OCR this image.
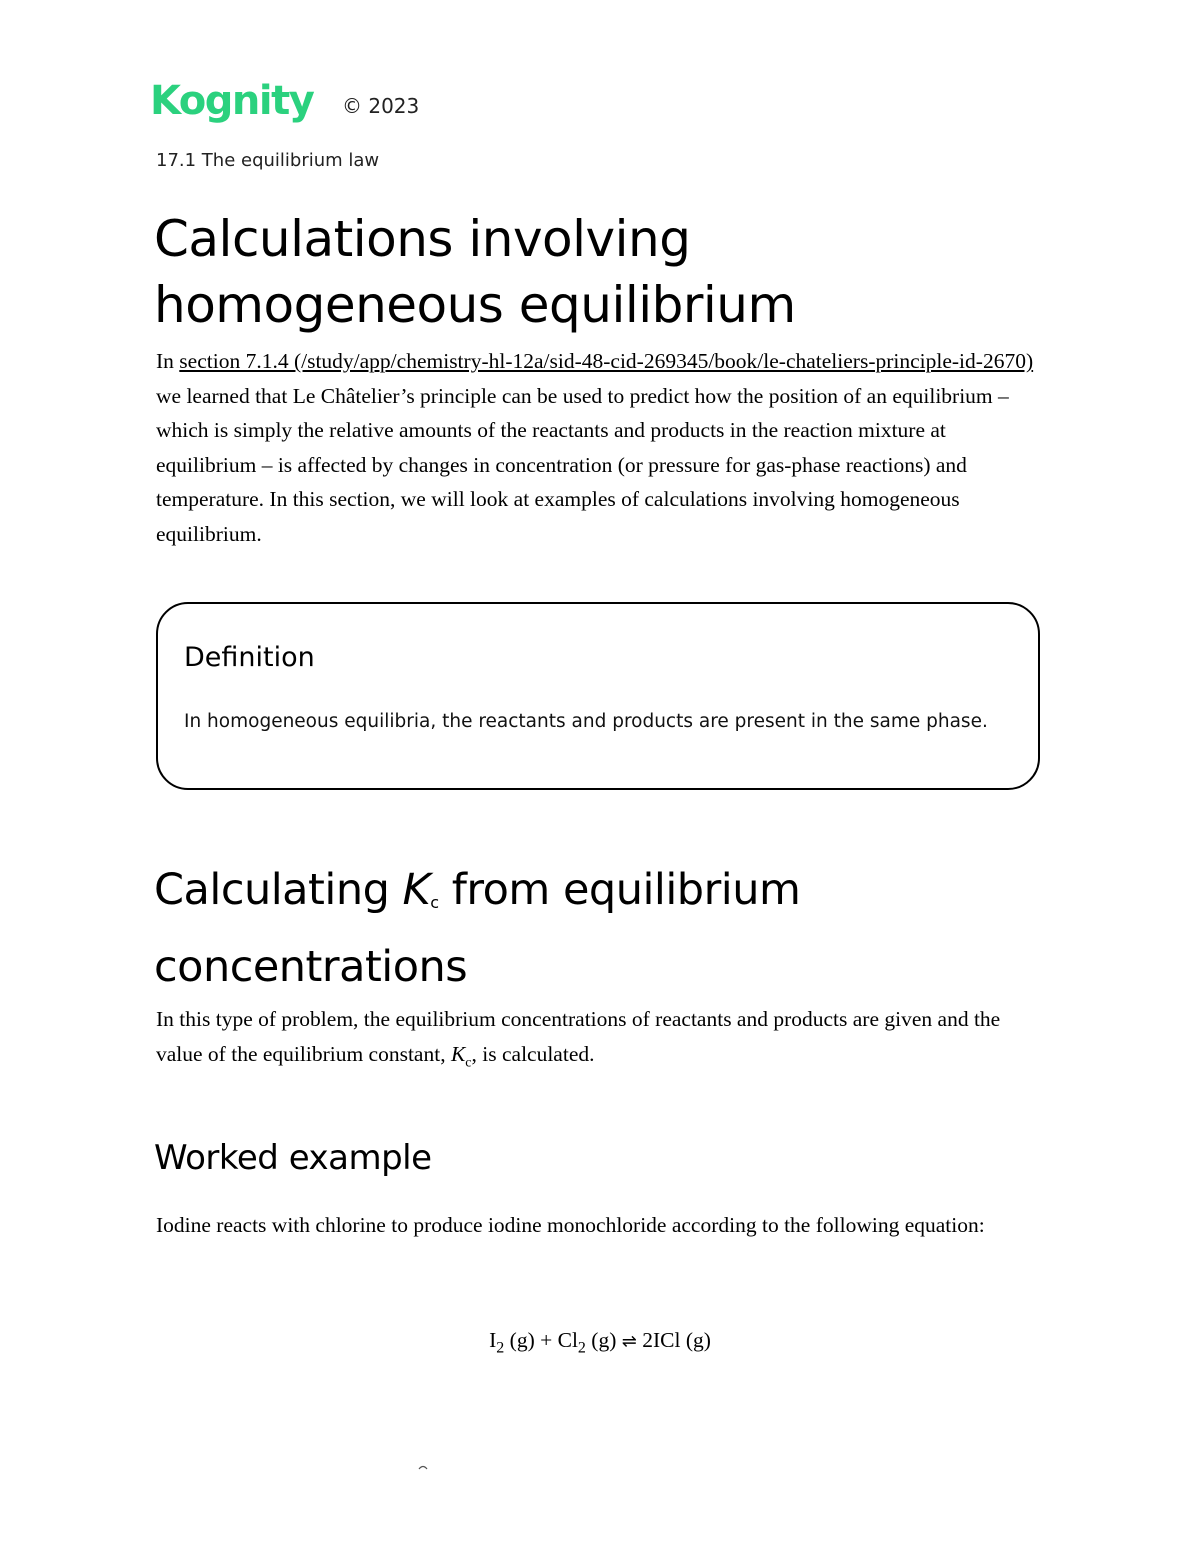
Kognity © 2023
17.1 The equilibrium law
Calculations involving homogeneous equilibrium

In section 7.1.4 (/study/app/chemistry-hl-12a/sid-48-cid-269345/book/le-chateliers-principle-id-2670) we learned that Le Châtelier’s principle can be used to predict how the position of an equilibrium – which is simply the relative amounts of the reactants and products in the reaction mixture at equilibrium – is affected by changes in concentration (or pressure for gas-phase reactions) and temperature. In this section, we will look at examples of calculations involving homogeneous equilibrium.

Definition

In homogeneous equilibria, the reactants and products are present in the same phase.

Calculating $K_c$ from equilibrium concentrations

In this type of problem, the equilibrium concentrations of reactants and products are given and the value of the equilibrium constant, $K_c$, is calculated.

Worked example

Iodine reacts with chlorine to produce iodine monochloride according to the following equation:

$I_2$ $(g) + Cl_2$ (g) ⇌ 2ICl (g)
